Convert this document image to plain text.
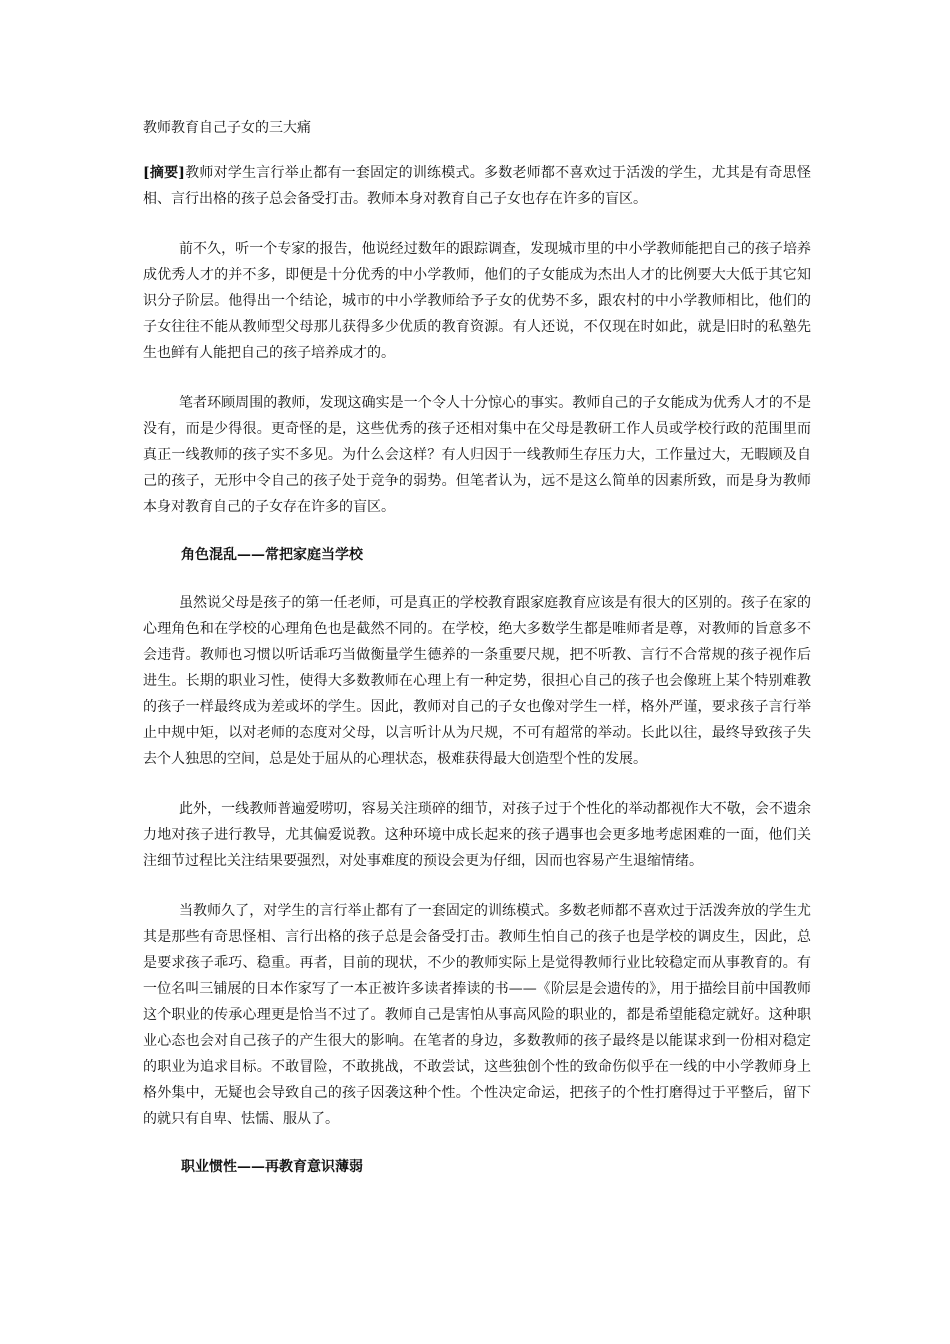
教师教育自己子女的三大痛

[摘要]教师对学生言行举止都有一套固定的训练模式。多数老师都不喜欢过于活泼的学生，尤其是有奇思怪相、言行出格的孩子总会备受打击。教师本身对教育自己子女也存在许多的盲区。

前不久，听一个专家的报告，他说经过数年的跟踪调查，发现城市里的中小学教师能把自己的孩子培养成优秀人才的并不多，即便是十分优秀的中小学教师，他们的子女能成为杰出人才的比例要大大低于其它知识分子阶层。他得出一个结论，城市的中小学教师给予子女的优势不多，跟农村的中小学教师相比，他们的子女往往不能从教师型父母那儿获得多少优质的教育资源。有人还说，不仅现在时如此，就是旧时的私塾先生也鲜有人能把自己的孩子培养成才的。

笔者环顾周围的教师，发现这确实是一个令人十分惊心的事实。教师自己的子女能成为优秀人才的不是没有，而是少得很。更奇怪的是，这些优秀的孩子还相对集中在父母是教研工作人员或学校行政的范围里而真正一线教师的孩子实不多见。为什么会这样？有人归因于一线教师生存压力大，工作量过大，无暇顾及自己的孩子，无形中令自己的孩子处于竞争的弱势。但笔者认为，远不是这么简单的因素所致，而是身为教师本身对教育自己的子女存在许多的盲区。

角色混乱——常把家庭当学校

虽然说父母是孩子的第一任老师，可是真正的学校教育跟家庭教育应该是有很大的区别的。孩子在家的心理角色和在学校的心理角色也是截然不同的。在学校，绝大多数学生都是唯师者是尊，对教师的旨意多不会违背。教师也习惯以听话乖巧当做衡量学生德养的一条重要尺规，把不听教、言行不合常规的孩子视作后进生。长期的职业习性，使得大多数教师在心理上有一种定势，很担心自己的孩子也会像班上某个特别难教的孩子一样最终成为差或坏的学生。因此，教师对自己的子女也像对学生一样，格外严谨，要求孩子言行举止中规中矩，以对老师的态度对父母，以言听计从为尺规，不可有超常的举动。长此以往，最终导致孩子失去个人独思的空间，总是处于屈从的心理状态，极难获得最大创造型个性的发展。

此外，一线教师普遍爱唠叨，容易关注琐碎的细节，对孩子过于个性化的举动都视作大不敬，会不遗余力地对孩子进行教导，尤其偏爱说教。这种环境中成长起来的孩子遇事也会更多地考虑困难的一面，他们关注细节过程比关注结果要强烈，对处事难度的预设会更为仔细，因而也容易产生退缩情绪。

当教师久了，对学生的言行举止都有了一套固定的训练模式。多数老师都不喜欢过于活泼奔放的学生尤其是那些有奇思怪相、言行出格的孩子总是会备受打击。教师生怕自己的孩子也是学校的调皮生，因此，总是要求孩子乖巧、稳重。再者，目前的现状，不少的教师实际上是觉得教师行业比较稳定而从事教育的。有一位名叫三铺展的日本作家写了一本正被许多读者捧读的书——《阶层是会遗传的》，用于描绘目前中国教师这个职业的传承心理更是恰当不过了。教师自己是害怕从事高风险的职业的，都是希望能稳定就好。这种职业心态也会对自己孩子的产生很大的影响。在笔者的身边，多数教师的孩子最终是以能谋求到一份相对稳定的职业为追求目标。不敢冒险，不敢挑战，不敢尝试，这些独创个性的致命伤似乎在一线的中小学教师身上格外集中，无疑也会导致自己的孩子因袭这种个性。个性决定命运，把孩子的个性打磨得过于平整后，留下的就只有自卑、怯懦、服从了。

职业惯性——再教育意识薄弱
